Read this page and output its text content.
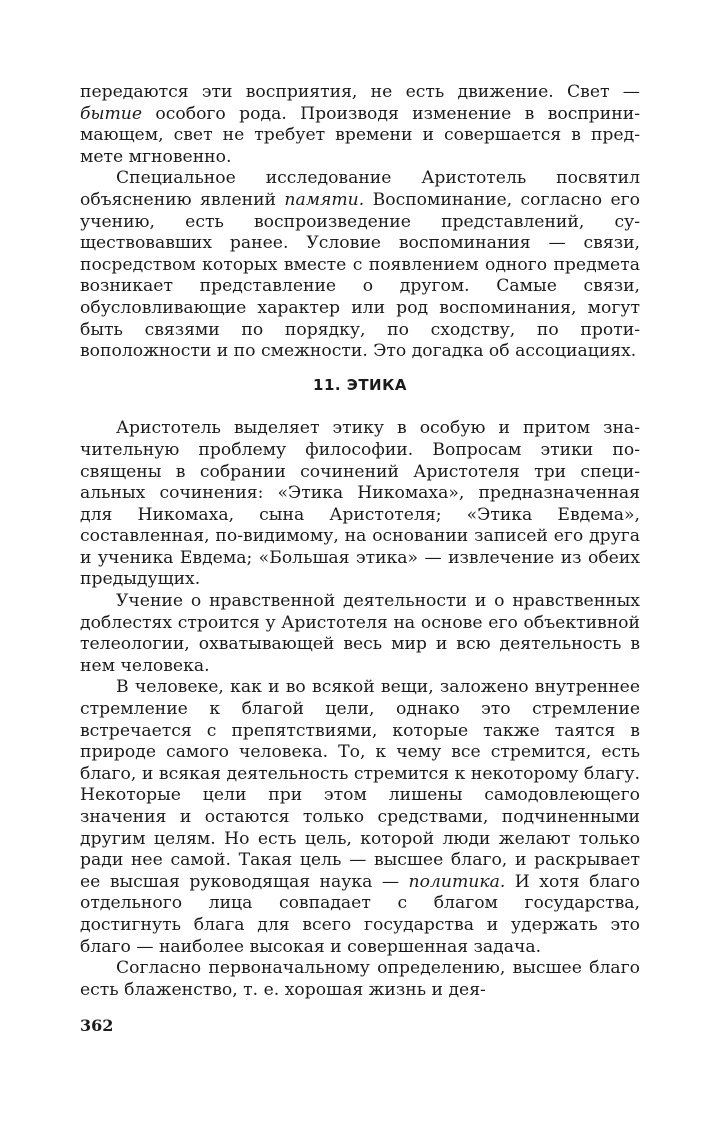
передаются эти восприятия, не есть движение. Свет — бытие особого рода. Производя изменение в воспринимающем, свет не требует времени и совершается в предмете мгновенно.

Специальное исследование Аристотель посвятил объяснению явлений памяти. Воспоминание, согласно его учению, есть воспроизведение представлений, существовавших ранее. Условие воспоминания — связи, посредством которых вместе с появлением одного предмета возникает представление о другом. Самые связи, обусловливающие характер или род воспоминания, могут быть связями по порядку, по сходству, по противоположности и по смежности. Это догадка об ассоциациях.

11. ЭТИКА

Аристотель выделяет этику в особую и притом значительную проблему философии. Вопросам этики посвящены в собрании сочинений Аристотеля три специальных сочинения: «Этика Никомаха», предназначенная для Никомаха, сына Аристотеля; «Этика Евдема», составленная, по-видимому, на основании записей его друга и ученика Евдема; «Большая этика» — извлечение из обеих предыдущих.

Учение о нравственной деятельности и о нравственных доблестях строится у Аристотеля на основе его объективной телеологии, охватывающей весь мир и всю деятельность в нем человека.

В человеке, как и во всякой вещи, заложено внутреннее стремление к благой цели, однако это стремление встречается с препятствиями, которые также таятся в природе самого человека. То, к чему все стремится, есть благо, и всякая деятельность стремится к некоторому благу. Некоторые цели при этом лишены самодовлеющего значения и остаются только средствами, подчиненными другим целям. Но есть цель, которой люди желают только ради нее самой. Такая цель — высшее благо, и раскрывает ее высшая руководящая наука — политика. И хотя благо отдельного лица совпадает с благом государства, достигнуть блага для всего государства и удержать это благо — наиболее высокая и совершенная задача.

Согласно первоначальному определению, высшее благо есть блаженство, т. е. хорошая жизнь и дея-

362
